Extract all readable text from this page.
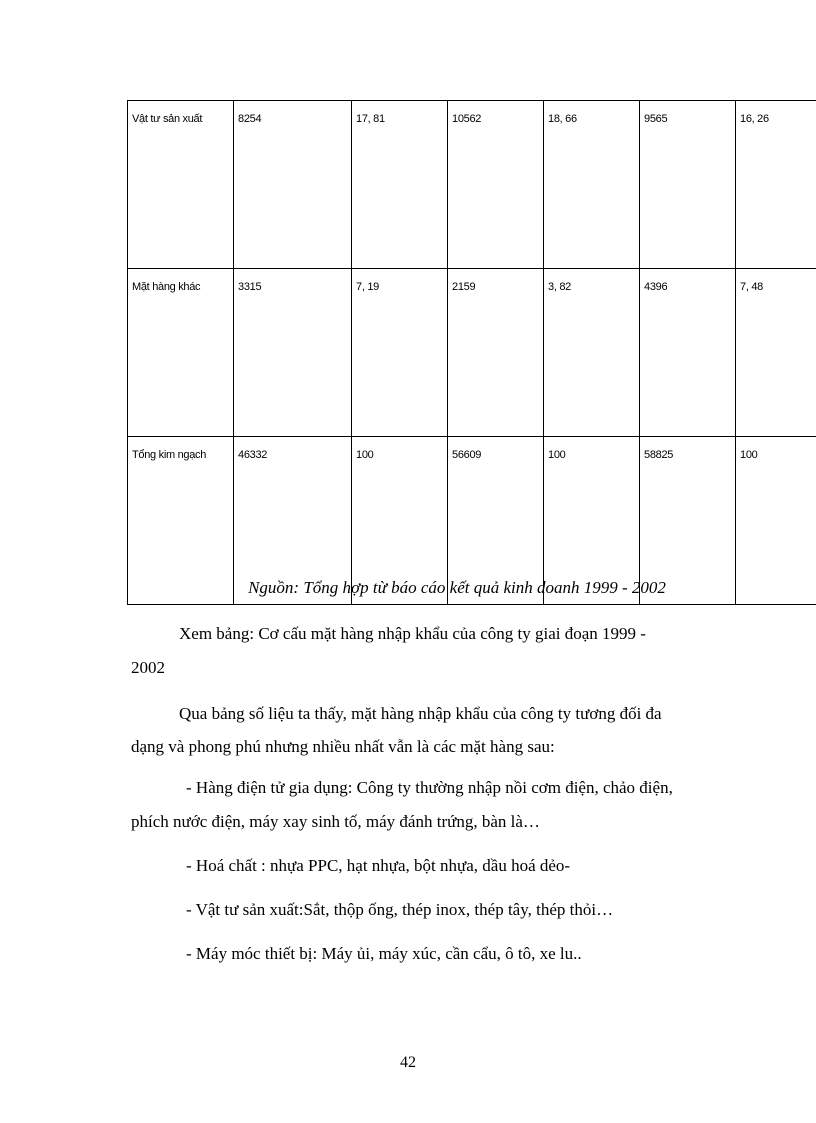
Vật tư sản xuất	8254	17, 81	10562	18, 66	9565	16, 26
Mặt hàng khác	3315	7, 19	2159	3, 82	4396	7, 48
Tổng kim ngạch	46332	100	56609	100	58825	100
Nguồn: Tổng hợp từ báo cáo kết quả kinh doanh 1999 - 2002
Xem bảng: Cơ cấu mặt hàng nhập khẩu của công ty giai đoạn 1999 -
2002
Qua bảng số liệu ta thấy, mặt hàng nhập khẩu của công ty tương đối đa
dạng và phong phú nhưng nhiều nhất vẫn là các mặt hàng sau:
- Hàng điện tử gia dụng: Công ty thường nhập nồi cơm điện, chảo điện,
phích nước điện, máy xay sinh tố, máy đánh trứng, bàn là…
- Hoá chất : nhựa PPC, hạt nhựa, bột nhựa, dầu hoá dẻo-
- Vật tư sản xuất:Sắt, thộp ống, thép inox, thép tây, thép thỏi…
- Máy móc thiết bị: Máy ủi, máy xúc, cần cẩu, ô tô, xe lu..
42
